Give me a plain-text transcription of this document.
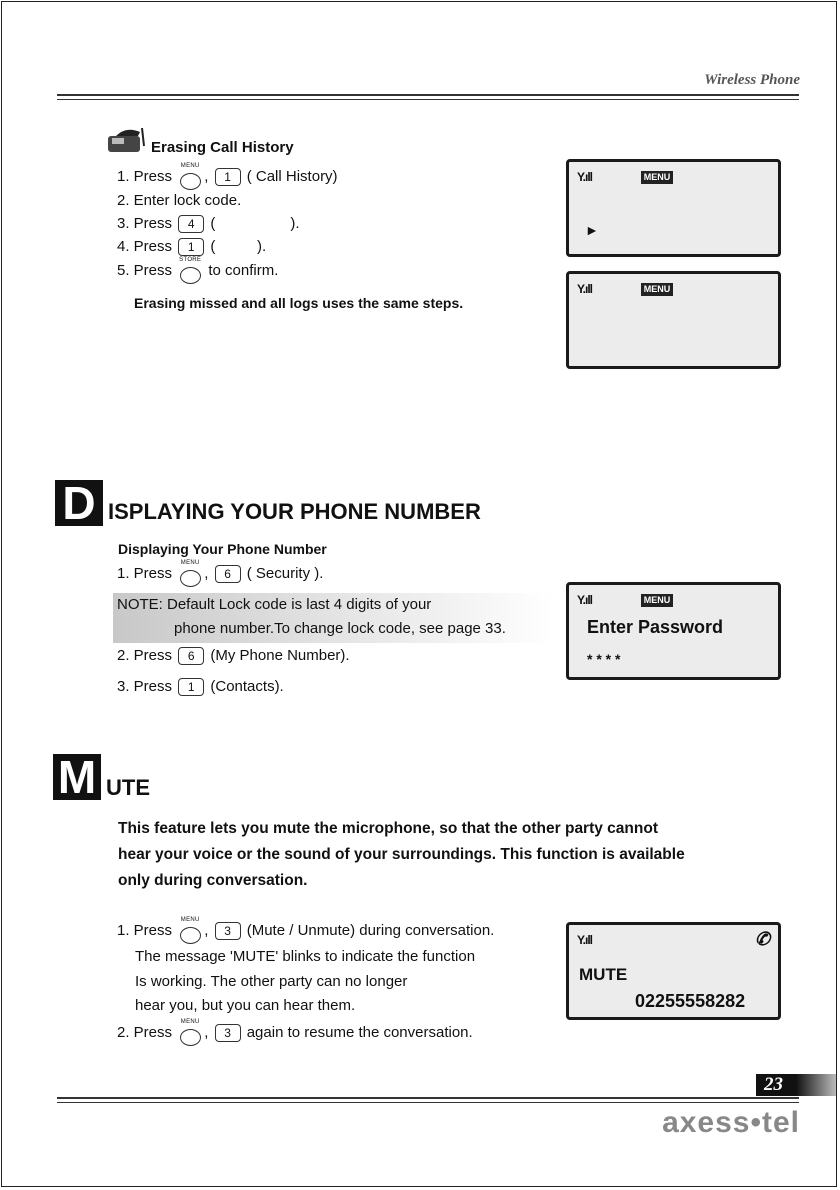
Wireless Phone
Erasing Call History
1. Press
MENU
, 1 ( Call History)
2. Enter lock code.
3. Press 4 (                  ).
4. Press 1 (          ).
5. Press
STORE
to confirm.
Erasing missed and all logs uses the same steps.
Y.ıll	MENU
►
Y.ıll	MENU
D ISPLAYING YOUR PHONE NUMBER
Displaying Your Phone Number
1. Press
MENU
, 6 ( Security ).
NOTE: Default Lock code is last 4 digits of your
phone number.To change lock code, see page 33.
2. Press 6 (My Phone Number).
3. Press 1 (Contacts).
Y.ıll	MENU
Enter Password
* * * *
M UTE
This feature lets you mute the microphone, so that the other party cannot
hear your voice or the sound of your surroundings. This function is available
only during conversation.
1. Press
MENU
, 3 (Mute / Unmute) during conversation.
The message 'MUTE' blinks to indicate the function
Is working. The other party can no longer
hear you, but you can hear them.
2. Press
MENU
, 3 again to resume the conversation.
Y.ıll	✆
MUTE
02255558282
23
axess•tel
